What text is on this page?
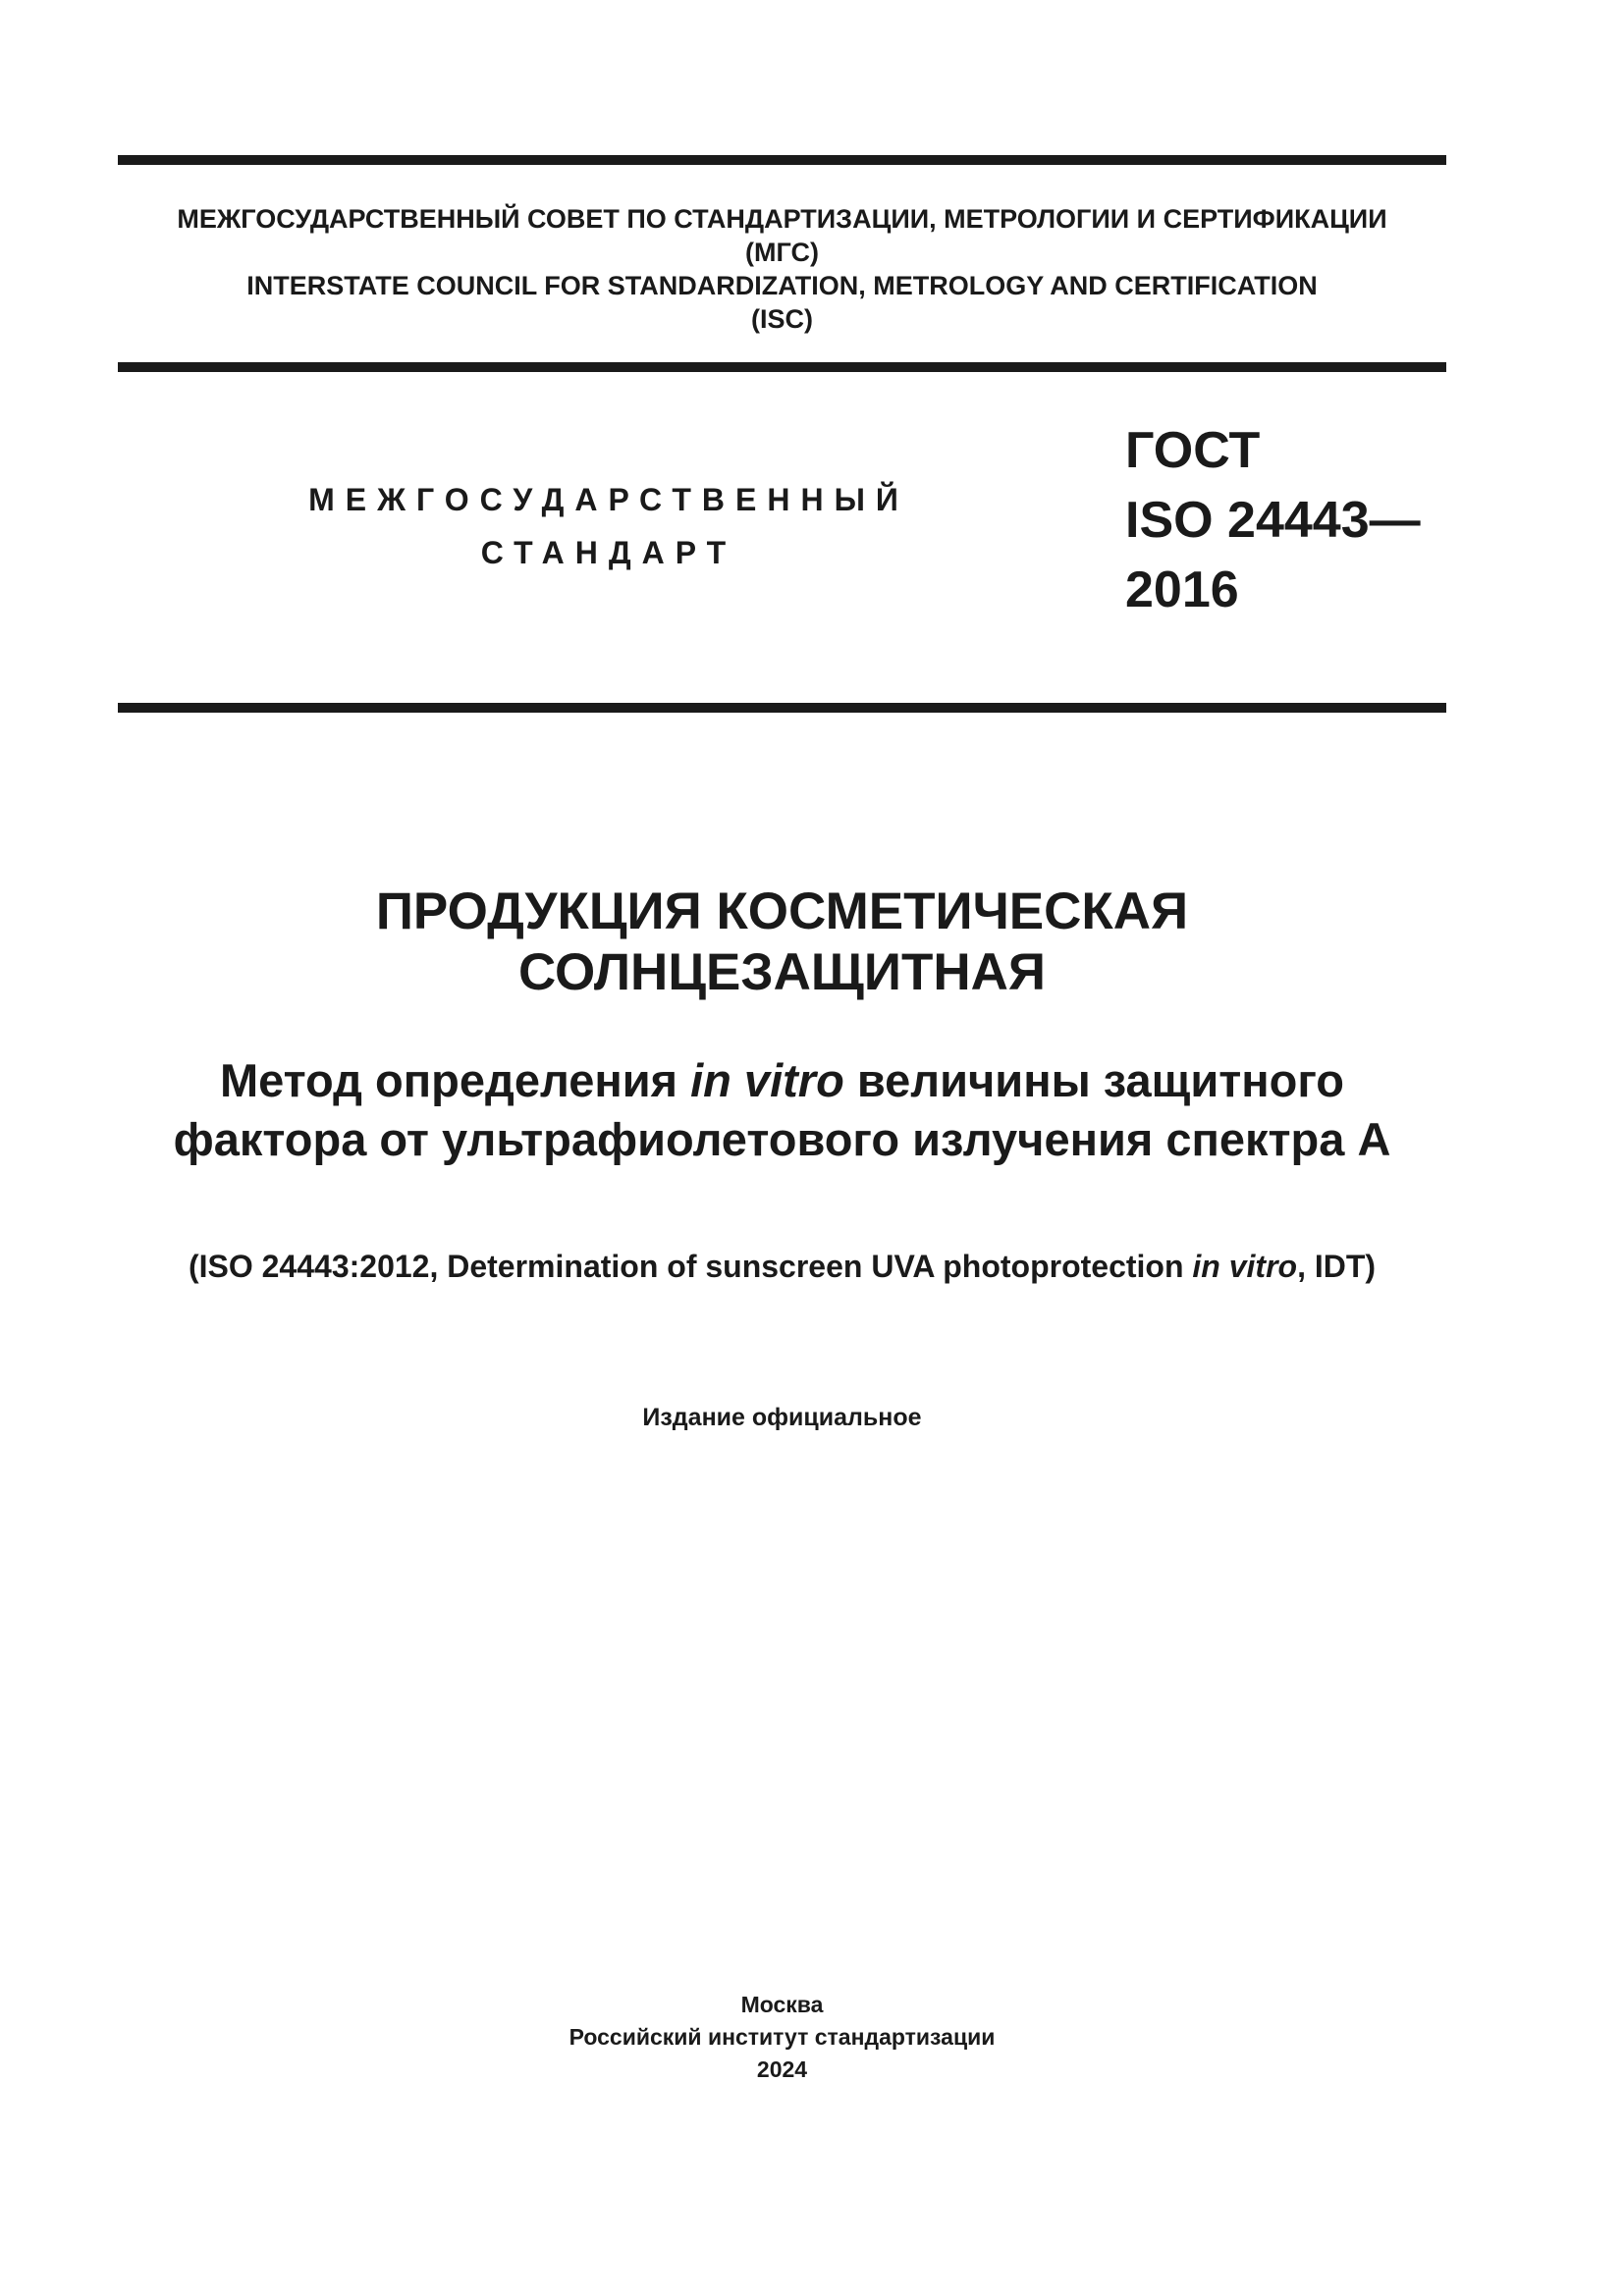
МЕЖГОСУДАРСТВЕННЫЙ СОВЕТ ПО СТАНДАРТИЗАЦИИ, МЕТРОЛОГИИ И СЕРТИФИКАЦИИ
(МГС)
INTERSTATE COUNCIL FOR STANDARDIZATION, METROLOGY AND CERTIFICATION
(ISC)
МЕЖГОСУДАРСТВЕННЫЙ
СТАНДАРТ
ГОСТ
ISO 24443—
2016
ПРОДУКЦИЯ КОСМЕТИЧЕСКАЯ
СОЛНЦЕЗАЩИТНАЯ
Метод определения in vitro величины защитного
фактора от ультрафиолетового излучения спектра А
(ISO 24443:2012, Determination of sunscreen UVA photoprotection in vitro, IDT)
Издание официальное
Москва
Российский институт стандартизации
2024
